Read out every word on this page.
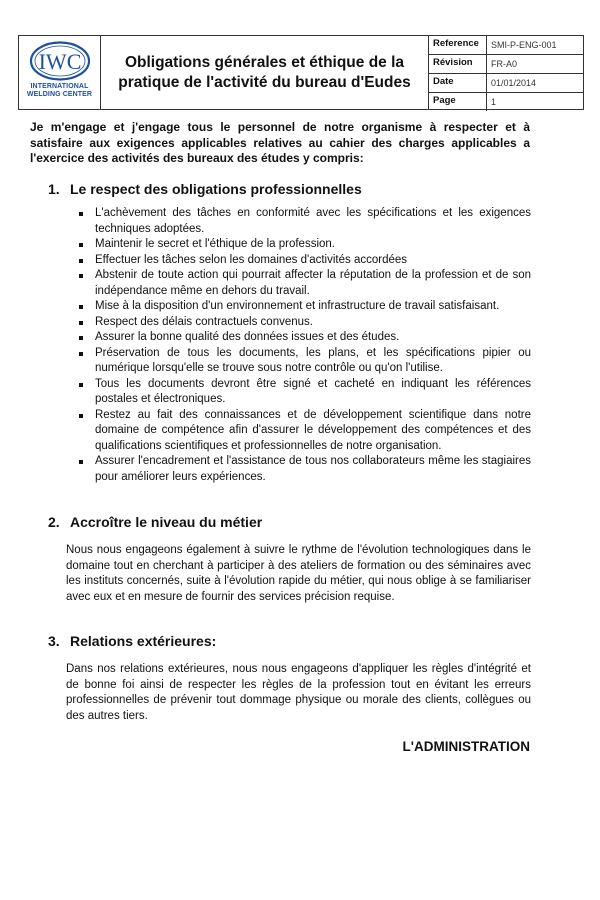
IWC
INTERNATIONAL
WELDING CENTER
Obligations générales et éthique de la pratique de l'activité du bureau d'Eudes
Reference	SMI-P-ENG-001
Révision	FR-A0
Date	01/01/2014
Page	1

Je m'engage et j'engage tous le personnel de notre organisme à respecter et à satisfaire aux exigences applicables relatives au cahier des charges applicables a l'exercice des activités des bureaux des études y compris:

1. Le respect des obligations professionnelles
L'achèvement des tâches en conformité avec les spécifications et les exigences techniques adoptées.
Maintenir le secret et l'éthique de la profession.
Effectuer les tâches selon les domaines d'activités accordées
Abstenir de toute action qui pourrait affecter la réputation de la profession et de son indépendance même en dehors du travail.
Mise à la disposition d'un environnement et infrastructure de travail satisfaisant.
Respect des délais contractuels convenus.
Assurer la bonne qualité des données issues et des études.
Préservation de tous les documents, les plans, et les spécifications pipier ou numérique lorsqu'elle se trouve sous notre contrôle ou qu'on l'utilise.
Tous les documents devront être signé et cacheté en indiquant les références postales et électroniques.
Restez au fait des connaissances et de développement scientifique dans notre domaine de compétence afin d'assurer le développement des compétences et des qualifications scientifiques et professionnelles de notre organisation.
Assurer l'encadrement et l'assistance de tous nos collaborateurs même les stagiaires pour améliorer leurs expériences.
2. Accroître le niveau du métier

Nous nous engageons également à suivre le rythme de l'évolution technologiques dans le domaine tout en cherchant à participer à des ateliers de formation ou des séminaires avec les instituts concernés, suite à l'évolution rapide du métier, qui nous oblige à se familiariser avec eux et en mesure de fournir des services précision requise.

3. Relations extérieures:

Dans nos relations extérieures, nous nous engageons d'appliquer les règles d'intégrité et de bonne foi ainsi de respecter les règles de la profession tout en évitant les erreurs professionnelles de prévenir tout dommage physique ou morale des clients, collègues ou des autres tiers.

L'ADMINISTRATION
